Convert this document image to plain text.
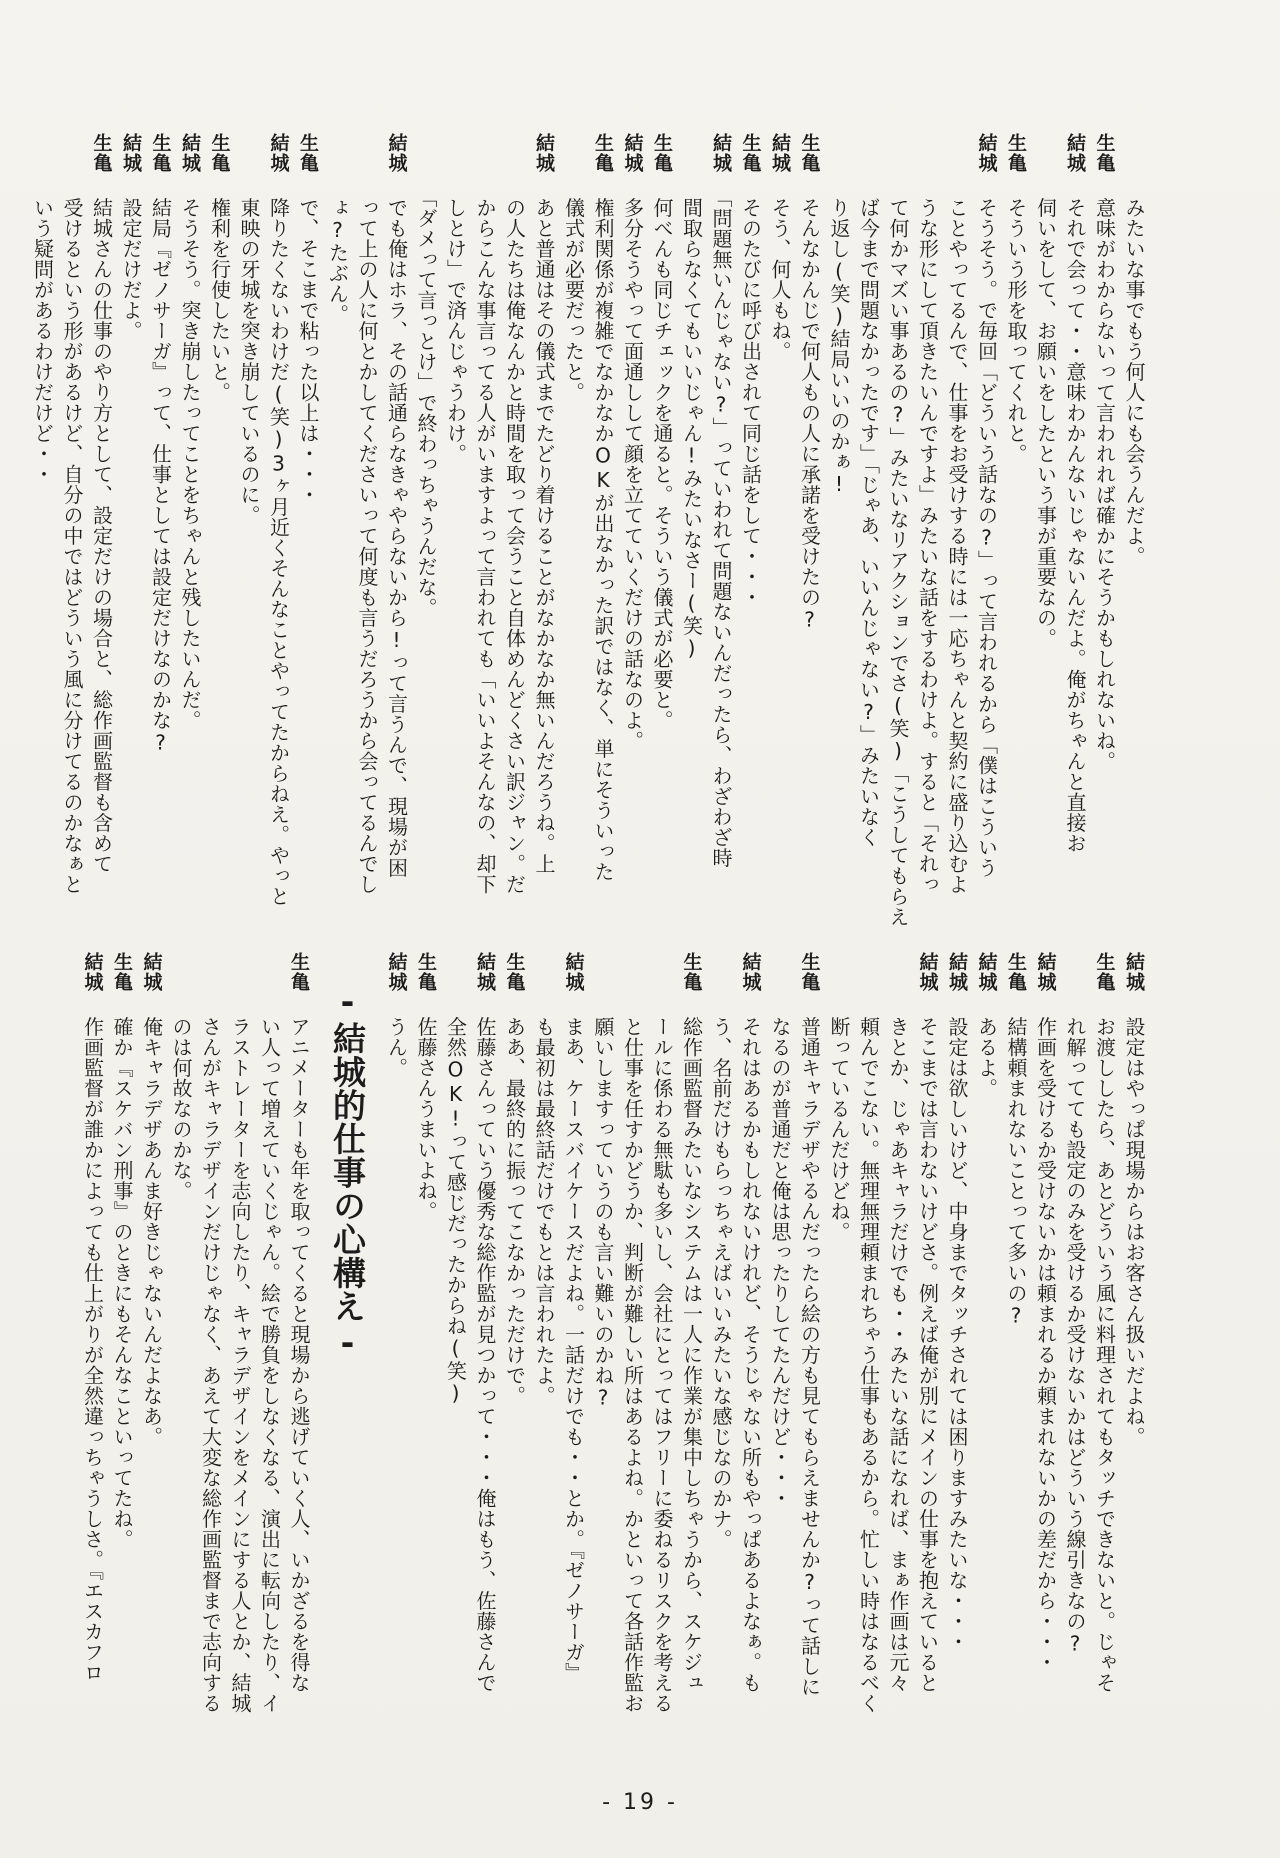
　みたいな事でもう何人にも会うんだよ。
生亀　意味がわからないって言われれば確かにそうかもしれないね。
結城　それで会って・・意味わかんないじゃないんだよ。俺がちゃんと直接お
　伺いをして、お願いをしたという事が重要なの。
生亀　そういう形を取ってくれと。
結城　そうそう。で毎回「どういう話なの?」って言われるから「僕はこういう
　ことやってるんで、仕事をお受けする時には一応ちゃんと契約に盛り込むよ
　うな形にして頂きたいんですよ」みたいな話をするわけよ。すると「それっ
　て何かマズい事あるの?」みたいなリアクションでさ(笑)「こうしてもらえ
　ば今まで問題なかったです」「じゃあ、いいんじゃない?」みたいなく
　り返し(笑)結局いいのかぁ!
生亀　そんなかんじで何人もの人に承諾を受けたの?
結城　そう、何人もね。
生亀　そのたびに呼び出されて同じ話をして・・・
結城　「問題無いんじゃない?」っていわれて問題ないんだったら、わざわざ時
　間取らなくてもいいじゃん!みたいなさー(笑)
生亀　何べんも同じチェックを通ると。そういう儀式が必要と。
結城　多分そうやって面通しして顔を立てていくだけの話なのよ。
生亀　権利関係が複雑でなかなかOKが出なかった訳ではなく、単にそういった
　儀式が必要だったと。
結城　あと普通はその儀式までたどり着けることがなかなか無いんだろうね。上
　の人たちは俺なんかと時間を取って会うこと自体めんどくさい訳ジャン。だ
　からこんな事言ってる人がいますよって言われても「いいよそんなの、却下
　しとけ」で済んじゃうわけ。
　「ダメって言っとけ」で終わっちゃうんだな。
結城　でも俺はホラ、その話通らなきゃやらないから!って言うんで、現場が困
　って上の人に何とかしてくださいって何度も言うだろうから会ってるんでし
　ょ?たぶん。
生亀　で、そこまで粘った以上は・・・
結城　降りたくないわけだ(笑)3ヶ月近くそんなことやってたからねえ。やっと
　東映の牙城を突き崩しているのに。
生亀　権利を行使したいと。
結城　そうそう。突き崩したってことをちゃんと残したいんだ。
生亀　結局『ゼノサーガ』って、仕事としては設定だけなのかな?
結城　設定だけだよ。
生亀　結城さんの仕事のやり方として、設定だけの場合と、総作画監督も含めて
　受けるという形があるけど、自分の中ではどういう風に分けてるのかなぁと
　いう疑問があるわけだけど・・
結城　設定はやっぱ現場からはお客さん扱いだよね。
生亀　お渡ししたら、あとどういう風に料理されてもタッチできないと。じゃそ
　れ解ってても設定のみを受けるか受けないかはどういう線引きなの?
結城　作画を受けるか受けないかは頼まれるか頼まれないかの差だから・・・
生亀　結構頼まれないことって多いの?
結城　あるよ。
結城　設定は欲しいけど、中身までタッチされては困りますみたいな・・・
結城　そこまでは言わないけどさ。例えば俺が別にメインの仕事を抱えていると
　きとか、じゃあキャラだけでも・・みたいな話になれば、まぁ作画は元々
　頼んでこない。無理無理頼まれちゃう仕事もあるから。忙しい時はなるべく
　断っているんだけどね。
生亀　普通キャラデザやるんだったら絵の方も見てもらえませんか?って話しに
　なるのが普通だと俺は思ったりしてたんだけど・・・
結城　それはあるかもしれないけれど、そうじゃない所もやっぱあるよなぁ。も
　う、名前だけもらっちゃえばいいみたいな感じなのかナ。
生亀　総作画監督みたいなシステムは一人に作業が集中しちゃうから、スケジュ
　ールに係わる無駄も多いし、会社にとってはフリーに委ねるリスクを考える
　と仕事を任すかどうか、判断が難しい所はあるよね。かといって各話作監お
　願いしますっていうのも言い難いのかね?
結城　まあ、ケースバイケースだよね。一話だけでも・・とか。『ゼノサーガ』
　も最初は最終話だけでもとは言われたよ。
生亀　ああ、最終的に振ってこなかっただけで。
結城　佐藤さんっていう優秀な総作監が見つかって・・・俺はもう、佐藤さんで
　全然OK!って感じだったからね(笑)
生亀　佐藤さんうまいよね。
結城　うん。
-結城的仕事の心構え-
生亀　アニメーターも年を取ってくると現場から逃げていく人、いかざるを得な
　い人って増えていくじゃん。絵で勝負をしなくなる、演出に転向したり、イ
　ラストレーターを志向したり、キャラデザインをメインにする人とか、結城
　さんがキャラデザインだけじゃなく、あえて大変な総作画監督まで志向する
　のは何故なのかな。
結城　俺キャラデザあんま好きじゃないんだよなあ。
生亀　確か『スケバン刑事』のときにもそんなこといってたね。
結城　作画監督が誰かによっても仕上がりが全然違っちゃうしさ。『エスカフロ
- 19 -
